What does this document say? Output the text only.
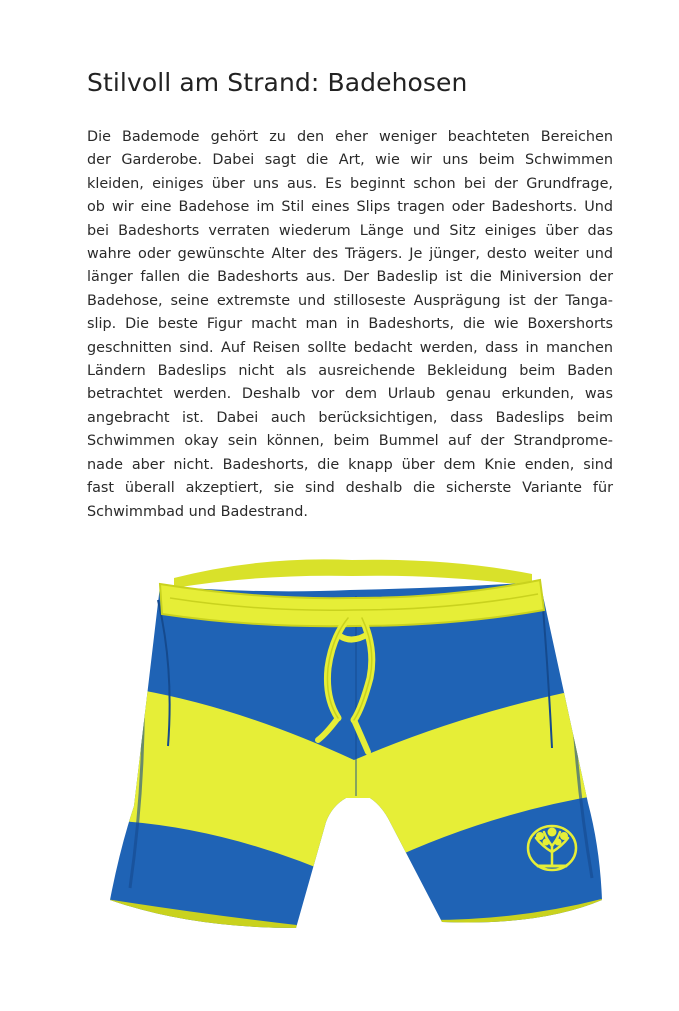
Stilvoll am Strand: Badehosen
Die Bademode gehört zu den eher weniger beachteten Bereichen
der Garderobe. Dabei sagt die Art, wie wir uns beim Schwimmen
kleiden, einiges über uns aus. Es beginnt schon bei der Grundfrage,
ob wir eine Badehose im Stil eines Slips tragen oder Badeshorts. Und
bei Badeshorts verraten wiederum Länge und Sitz einiges über das
wahre oder gewünschte Alter des Trägers. Je jünger, desto weiter und
länger fallen die Badeshorts aus. Der Badeslip ist die Miniversion der
Badehose, seine extremste und stilloseste Ausprägung ist der Tanga-
slip. Die beste Figur macht man in Badeshorts, die wie Boxershorts
geschnitten sind. Auf Reisen sollte bedacht werden, dass in manchen
Ländern Badeslips nicht als ausreichende Bekleidung beim Baden
betrachtet werden. Deshalb vor dem Urlaub genau erkunden, was
angebracht ist. Dabei auch berücksichtigen, dass Badeslips beim
Schwimmen okay sein können, beim Bummel auf der Strandprome-
nade aber nicht. Badeshorts, die knapp über dem Knie enden, sind
fast überall akzeptiert, sie sind deshalb die sicherste Variante für
Schwimmbad und Badestrand.
